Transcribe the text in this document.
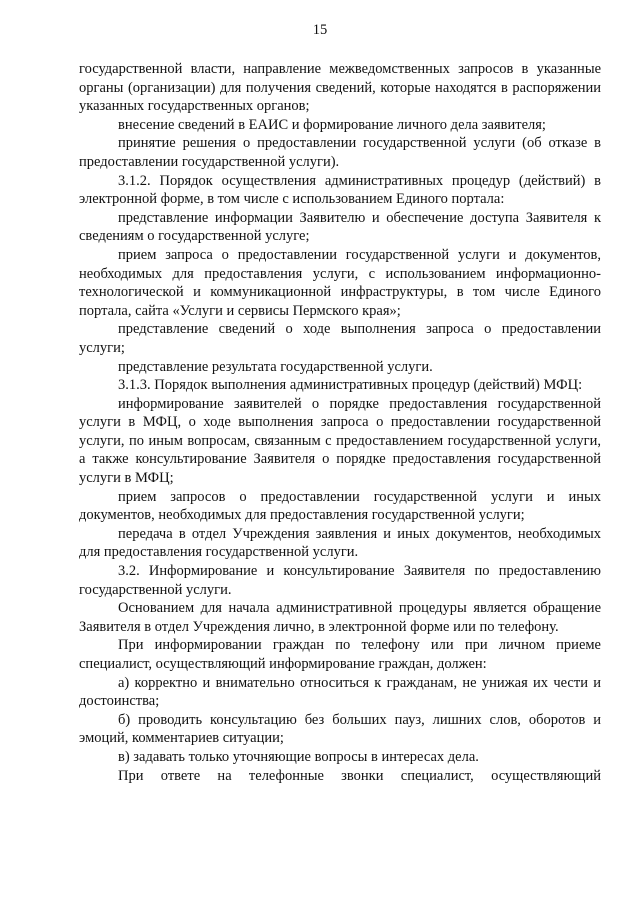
15

государственной власти, направление межведомственных запросов в указанные органы (организации) для получения сведений, которые находятся в распоряжении указанных государственных органов;

внесение сведений в ЕАИС и формирование личного дела заявителя;

принятие решения о предоставлении государственной услуги (об отказе в предоставлении государственной услуги).

3.1.2. Порядок осуществления административных процедур (действий) в электронной форме, в том числе с использованием Единого портала:

представление информации Заявителю и обеспечение доступа Заявителя к сведениям о государственной услуге;

прием запроса о предоставлении государственной услуги и документов, необходимых для предоставления услуги, с использованием информационно-технологической и коммуникационной инфраструктуры, в том числе Единого портала, сайта «Услуги и сервисы Пермского края»;

представление сведений о ходе выполнения запроса о предоставлении услуги;

представление результата государственной услуги.

3.1.3. Порядок выполнения административных процедур (действий) МФЦ:

информирование заявителей о порядке предоставления государственной услуги в МФЦ, о ходе выполнения запроса о предоставлении государственной услуги, по иным вопросам, связанным с предоставлением государственной услуги, а также консультирование Заявителя о порядке предоставления государственной услуги в МФЦ;

прием запросов о предоставлении государственной услуги и иных документов, необходимых для предоставления государственной услуги;

передача в отдел Учреждения заявления и иных документов, необходимых для предоставления государственной услуги.

3.2. Информирование и консультирование Заявителя по предоставлению государственной услуги.

Основанием для начала административной процедуры является обращение Заявителя в отдел Учреждения лично, в электронной форме или по телефону.

При информировании граждан по телефону или при личном приеме специалист, осуществляющий информирование граждан, должен:

а) корректно и внимательно относиться к гражданам, не унижая их чести и достоинства;

б) проводить консультацию без больших пауз, лишних слов, оборотов и эмоций, комментариев ситуации;

в) задавать только уточняющие вопросы в интересах дела.

При ответе на телефонные звонки специалист, осуществляющий
